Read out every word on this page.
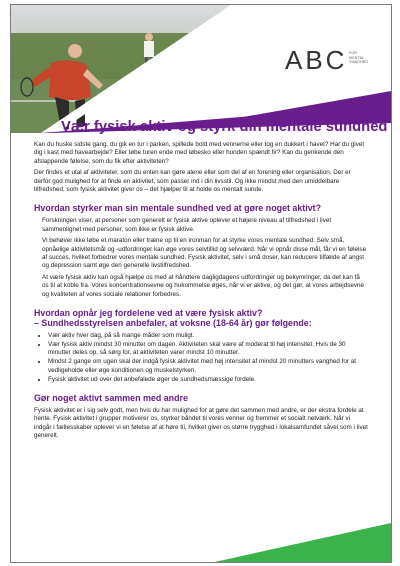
ABC FOR
MENTAL
SUNDHED
Vær fysisk aktiv og styrk din mentale sundhed

Kan du huske sidste gang, du gik en tur i parken, spillede bold med vennerne eller tog en dukkert i havet? Har du givet dig i kast med havearbejde? Eller løbe turen ende med løbesko eller hunden spændt fir? Kan du genkende den afslappende følelse, som du fik efter aktiviteten?

Der findes et utal af aktiviteter, som du enten kan gøre alene eller som del af en forening eller organisation. Der er derfor god mulighed for at finde en aktivitet, som passer ind i din livsstil. Og ikke mindst med den umiddelbare tilfredshed, som fysisk aktivitet giver os – det hjælper til at holde os mentalt sunde.

Hvordan styrker man sin mentale sundhed ved at gøre noget aktivt?

Forskningen viser, at personer som generelt er fysisk aktive oplever et højere niveau af tilfredshed i livet sammenlignet med personer, som ikke er fysisk aktive.

Vi behøver ikke løbe et maraton eller træne op til en ironman for at styrke vores mentale sundhed. Selv små, opnåelige aktivitetsmål og -udfordringer kan øge vores selvtillid og selvværd. Når vi opnår disse mål, får vi en følelse af succes, hvilket forbedrer vores mentale sundhed. Fysisk aktivitet, selv i små doser, kan reducere tilfælde af angst og depression samt øge den generelle livstilfredshed.

At være fysisk aktiv kan også hjælpe os med at håndtere dagligdagens udfordringer og bekymringer, da det kan få os til at koble fra. Vores koncentrationsevne og hukommelse øges, når vi er aktive, og det gør, at vores arbejdsevne og kvaliteten af vores sociale relationer forbedres.

Hvordan opnår jeg fordelene ved at være fysisk aktiv?
– Sundhedsstyrelsen anbefaler, at voksne (18-64 år) gør følgende:
• Vær aktiv hver dag, på så mange måder som muligt.
• Vær fysisk aktiv mindst 30 minutter om dagen. Aktiviteten skal være af moderat til høj intensitet. Hvis de 30 minutter deles op, så sørg for, at aktiviteten varer mindst 10 minutter.
• Mindst 2 gange om ugen skal der indgå fysisk aktivitet med høj intensitet af mindst 20 minutters varighed for at vedligeholde eller øge konditionen og muskelstyrken.
• Fysisk aktivitet ud over det anbefalede øger de sundhedsmæssige fordele.
Gør noget aktivt sammen med andre

Fysisk aktivitet er i sig selv godt, men hvis du har mulighed for at gøre det sammen med andre, er der ekstra fordele at hente. Fysisk aktivitet i grupper motiverer os, styrker båndet til vores venner og fremmer et socialt netværk. Når vi indgår i fællesskaber oplever vi en følelse af at høre til, hvilket giver os større trygghed i lokalsamfundet såvel som i livet generelt.
